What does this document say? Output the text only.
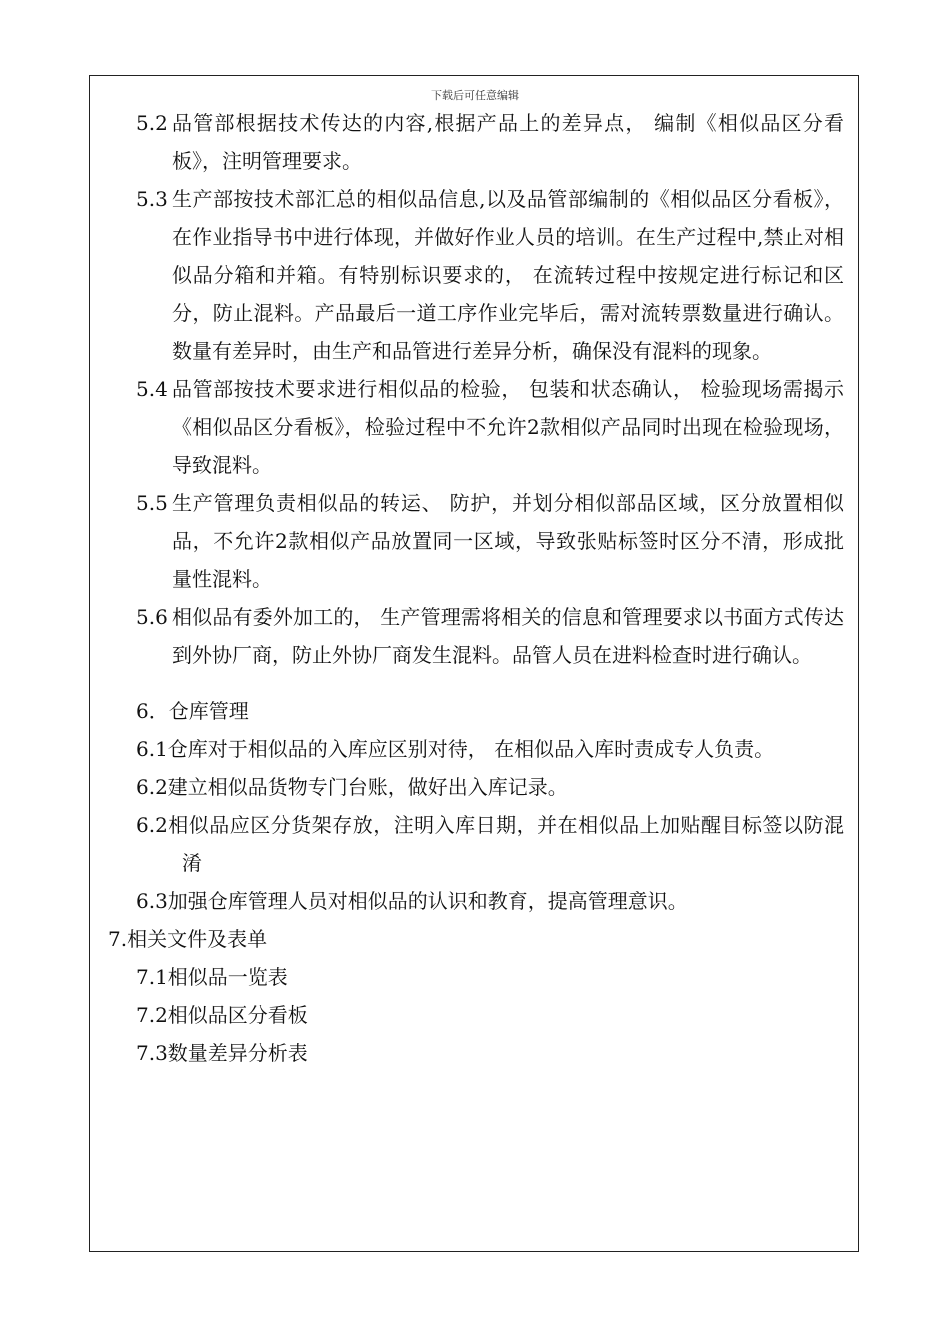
下载后可任意编辑
5.2 品管部根据技术传达的内容,根据产品上的差异点， 编制《相似品区分看板》，注明管理要求。
5.3 生产部按技术部汇总的相似品信息,以及品管部编制的《相似品区分看板》，在作业指导书中进行体现，并做好作业人员的培训。在生产过程中,禁止对相似品分箱和并箱。有特别标识要求的， 在流转过程中按规定进行标记和区分，防止混料。产品最后一道工序作业完毕后，需对流转票数量进行确认。数量有差异时，由生产和品管进行差异分析，确保没有混料的现象。
5.4 品管部按技术要求进行相似品的检验， 包装和状态确认， 检验现场需揭示《相似品区分看板》，检验过程中不允许2款相似产品同时出现在检验现场，导致混料。
5.5 生产管理负责相似品的转运、 防护，并划分相似部品区域，区分放置相似品，不允许2款相似产品放置同一区域，导致张贴标签时区分不清，形成批量性混料。
5.6 相似品有委外加工的， 生产管理需将相关的信息和管理要求以书面方式传达到外协厂商，防止外协厂商发生混料。品管人员在进料检查时进行确认。

6．仓库管理

6.1仓库对于相似品的入库应区别对待， 在相似品入库时责成专人负责。

6.2建立相似品货物专门台账，做好出入库记录。

6.2相似品应区分货架存放，注明入库日期，并在相似品上加贴醒目标签以防混淆

6.3加强仓库管理人员对相似品的认识和教育，提高管理意识。

7.相关文件及表单

7.1相似品一览表

7.2相似品区分看板

7.3数量差异分析表
